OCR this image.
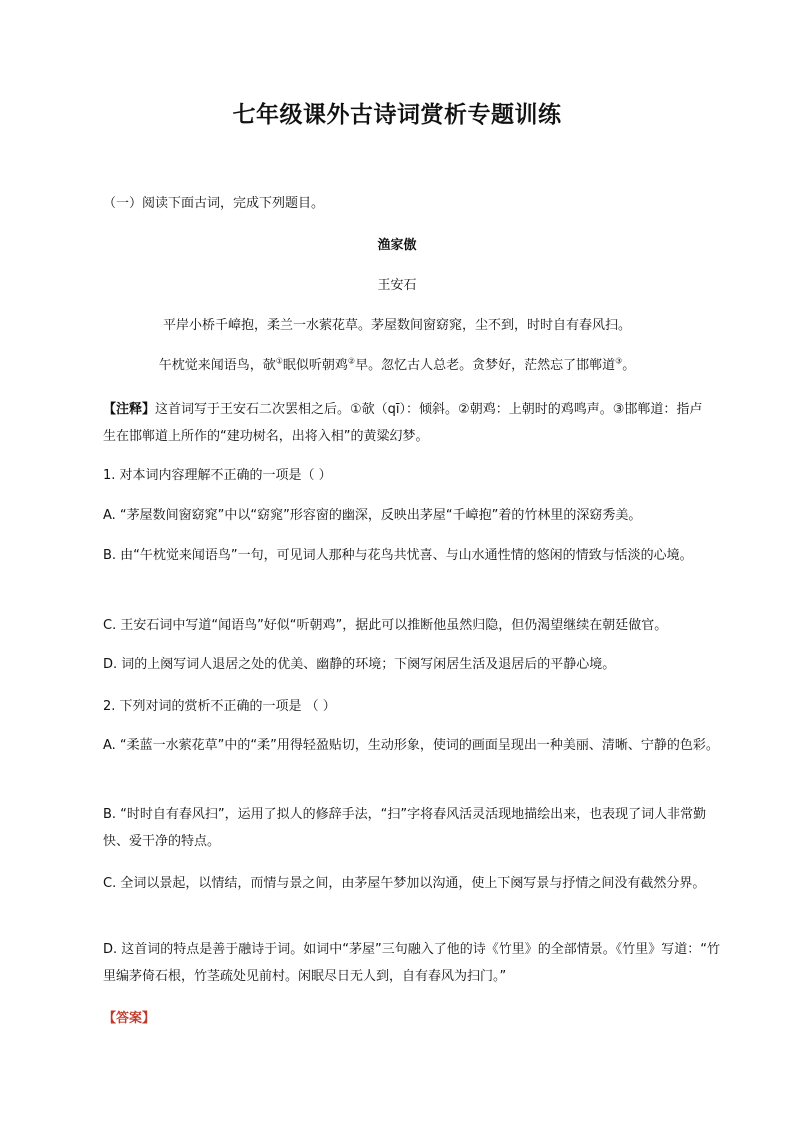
七年级课外古诗词赏析专题训练
（一）阅读下面古词，完成下列题目。
渔家傲
王安石
平岸小桥千嶂抱，柔兰一水萦花草。茅屋数间窗窈窕，尘不到，时时自有春风扫。
午枕觉来闻语鸟，欹①眠似听朝鸡②早。忽忆古人总老。贪梦好，茫然忘了邯郸道③。
【注释】这首词写于王安石二次罢相之后。①欹（qī）：倾斜。②朝鸡：上朝时的鸡鸣声。③邯郸道：指卢生在邯郸道上所作的“建功树名，出将入相”的黄粱幻梦。
1. 对本词内容理解不正确的一项是（ ）
A. “茅屋数间窗窈窕”中以“窈窕”形容窗的幽深，反映出茅屋“千嶂抱”着的竹林里的深窈秀美。
B. 由“午枕觉来闻语鸟”一句，可见词人那种与花鸟共忧喜、与山水通性情的悠闲的情致与恬淡的心境。
C. 王安石词中写道“闻语鸟”好似“听朝鸡”，据此可以推断他虽然归隐，但仍渴望继续在朝廷做官。
D. 词的上阕写词人退居之处的优美、幽静的环境；下阕写闲居生活及退居后的平静心境。
2. 下列对词的赏析不正确的一项是 （ ）
A. “柔蓝一水萦花草”中的“柔”用得轻盈贴切，生动形象，使词的画面呈现出一种美丽、清晰、宁静的色彩。
B. “时时自有春风扫”，运用了拟人的修辞手法，“扫”字将春风活灵活现地描绘出来，也表现了词人非常勤快、爱干净的特点。
C. 全词以景起，以情结，而情与景之间，由茅屋午梦加以沟通，使上下阕写景与抒情之间没有截然分界。
D. 这首词的特点是善于融诗于词。如词中“茅屋”三句融入了他的诗《竹里》的全部情景。《竹里》写道：“竹里编茅倚石根，竹茎疏处见前村。闲眠尽日无人到，自有春风为扫门。”
【答案】
